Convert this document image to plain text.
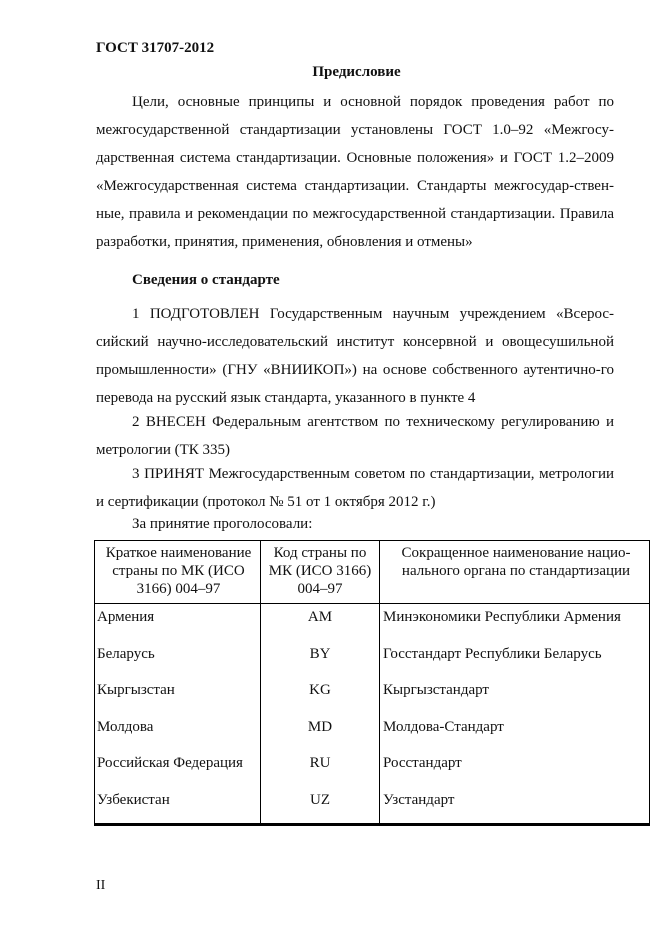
ГОСТ 31707-2012
Предисловие

Цели, основные принципы и основной порядок проведения работ по межгосударственной стандартизации установлены ГОСТ 1.0–92 «Межгосу-дарственная система стандартизации. Основные положения» и ГОСТ 1.2–2009 «Межгосударственная система стандартизации. Стандарты межгосудар-ствен-ные, правила и рекомендации по межгосударственной стандартизации. Правила разработки, принятия, применения, обновления и отмены»

Сведения о стандарте

1 ПОДГОТОВЛЕН Государственным научным учреждением «Всерос-сийский научно-исследовательский институт консервной и овощесушильной промышленности» (ГНУ «ВНИИКОП») на основе собственного аутентично-го перевода на русский язык стандарта, указанного в пункте 4

2 ВНЕСЕН Федеральным агентством по техническому регулированию и метрологии (ТК 335)

3 ПРИНЯТ Межгосударственным советом по стандартизации, метрологии и сертификации (протокол № 51 от 1 октября 2012 г.)

За принятие проголосовали:
Краткое наименование страны по МК (ИСО 3166) 004–97	Код страны по МК (ИСО 3166) 004–97	Сокращенное наименование нацио-нального органа по стандартизации
Армения	AM	Минэкономики Республики Армения
Беларусь	BY	Госстандарт Республики Беларусь
Кыргызстан	KG	Кыргызстандарт
Молдова	MD	Молдова-Стандарт
Российская Федерация	RU	Росстандарт
Узбекистан	UZ	Узстандарт
II
